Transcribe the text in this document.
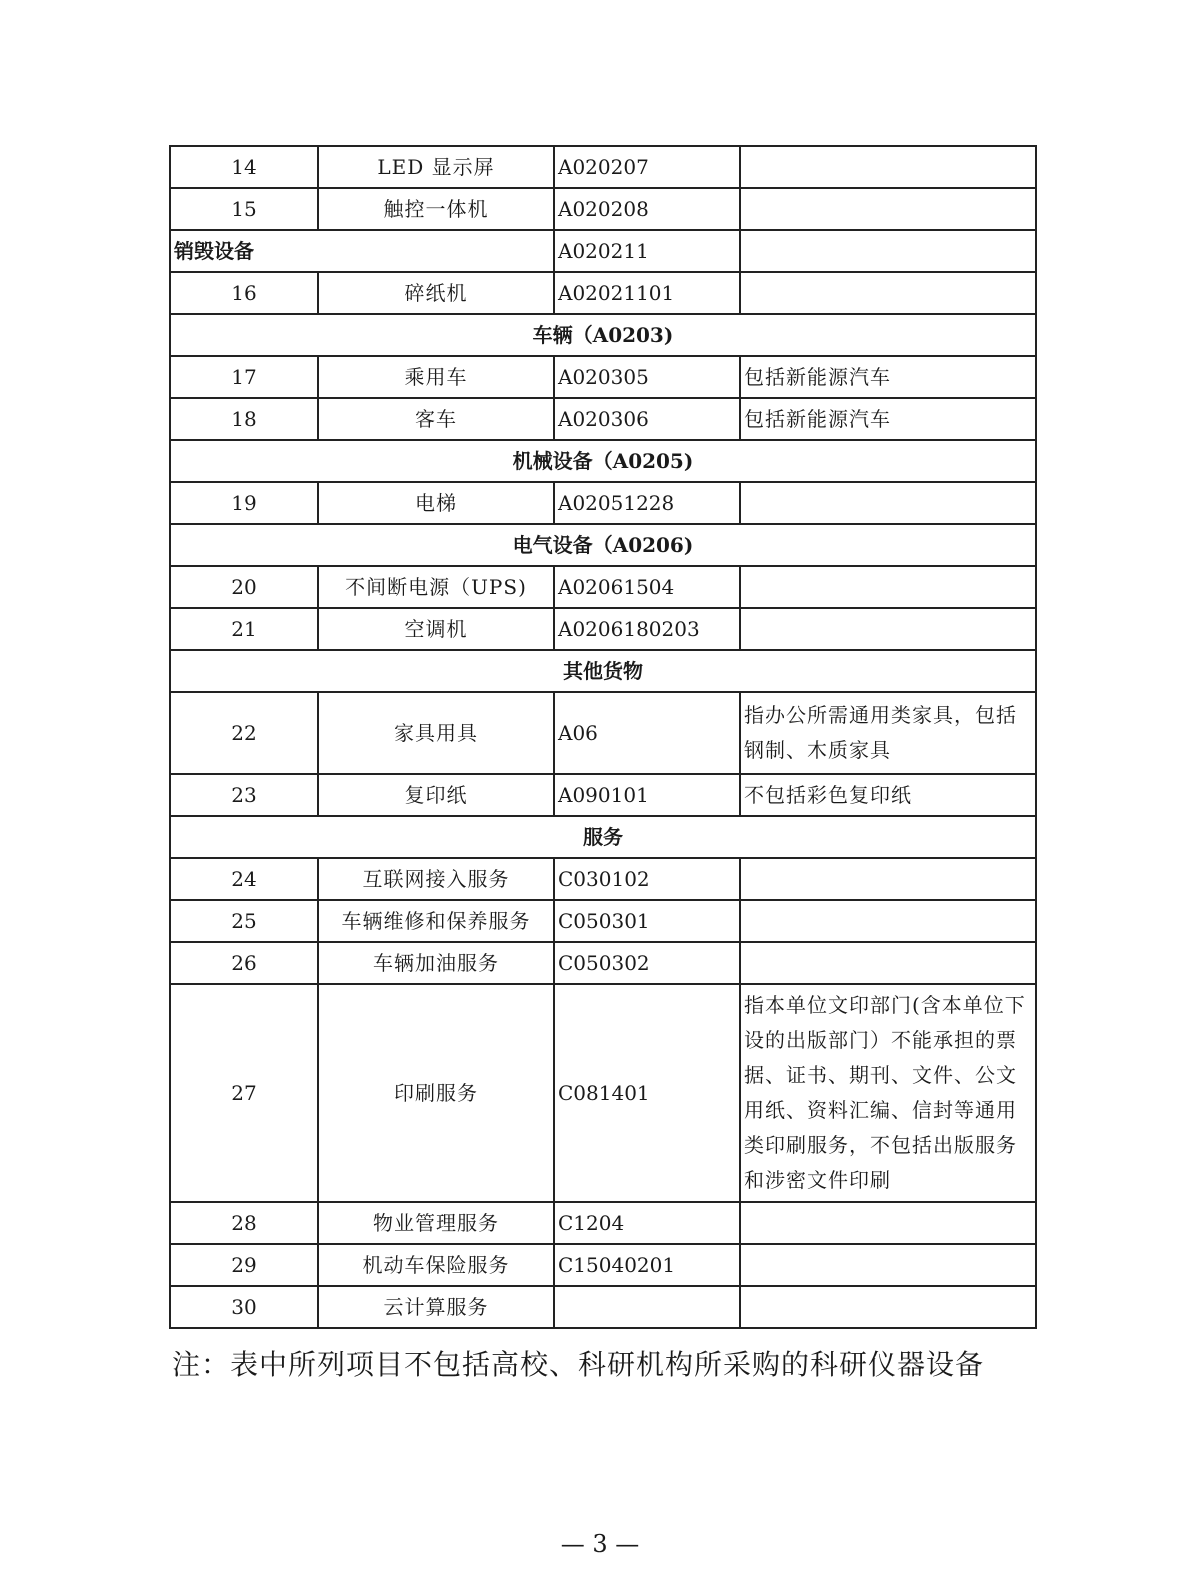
14	LED 显示屏	A020207	
15	触控一体机	A020208	
销毁设备		A020211	
16	碎纸机	A02021101	
车辆（A0203)			
17	乘用车	A020305	包括新能源汽车
18	客车	A020306	包括新能源汽车
机械设备（A0205)			
19	电梯	A02051228	
电气设备（A0206)			
20	不间断电源（UPS)	A02061504	
21	空调机	A0206180203	
其他货物			
22	家具用具	A06	指办公所需通用类家具，包括钢制、木质家具
23	复印纸	A090101	不包括彩色复印纸
服务			
24	互联网接入服务	C030102	
25	车辆维修和保养服务	C050301	
26	车辆加油服务	C050302	
27	印刷服务	C081401	指本单位文印部门(含本单位下设的出版部门）不能承担的票据、证书、期刊、文件、公文用纸、资料汇编、信封等通用类印刷服务，不包括出版服务和涉密文件印刷
28	物业管理服务	C1204	
29	机动车保险服务	C15040201	
30	云计算服务		
注：表中所列项目不包括高校、科研机构所采购的科研仪器设备
— 3 —
